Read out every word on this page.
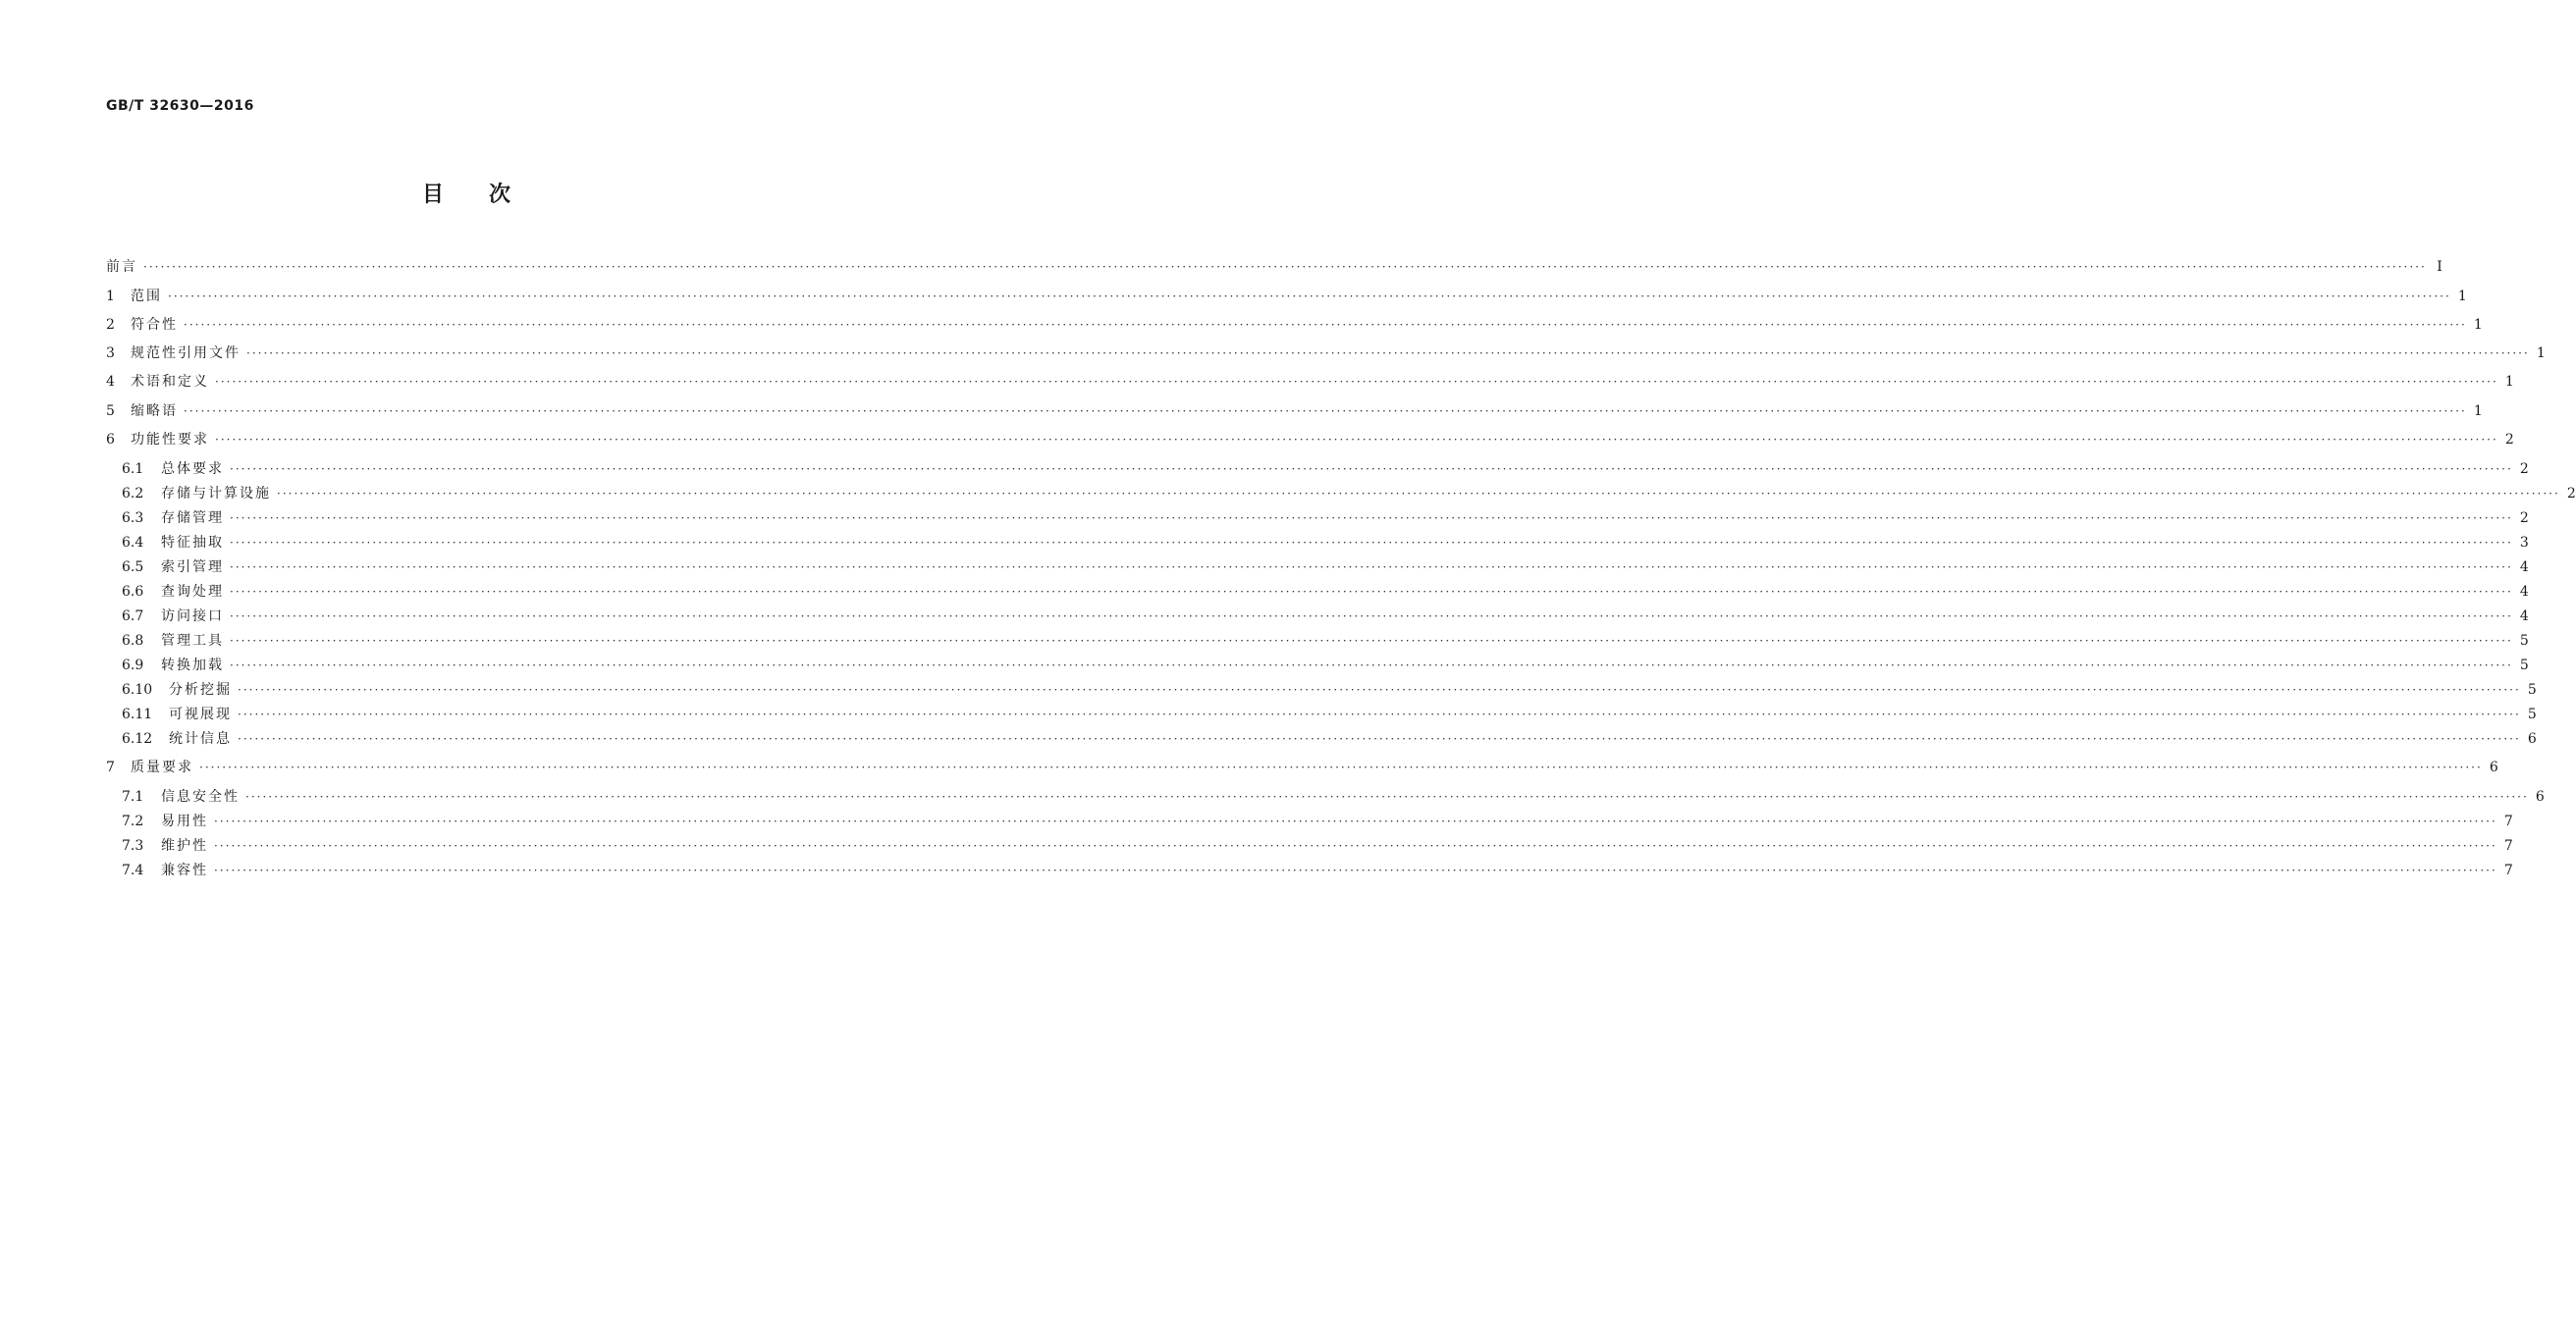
GB/T 32630—2016
目次
前言 ················································································································································································································································································································································································································ Ⅰ
1	范围 ················································································································································································································································································································································································································ 1
2	符合性 ················································································································································································································································································································································································································ 1
3	规范性引用文件 ················································································································································································································································································································································································································ 1
4	术语和定义 ················································································································································································································································································································································································································ 1
5	缩略语 ················································································································································································································································································································································································································ 1
6	功能性要求 ················································································································································································································································································································································································································ 2
6.1	总体要求 ················································································································································································································································································································································································································ 2
6.2	存储与计算设施 ················································································································································································································································································································································································································ 2
6.3	存储管理 ················································································································································································································································································································································································································ 2
6.4	特征抽取 ················································································································································································································································································································································································································ 3
6.5	索引管理 ················································································································································································································································································································································································································ 4
6.6	查询处理 ················································································································································································································································································································································································································ 4
6.7	访问接口 ················································································································································································································································································································································································································ 4
6.8	管理工具 ················································································································································································································································································································································································································ 5
6.9	转换加载 ················································································································································································································································································································································································································ 5
6.10	分析挖掘 ················································································································································································································································································································································································································ 5
6.11	可视展现 ················································································································································································································································································································································································································ 5
6.12	统计信息 ················································································································································································································································································································································································································ 6
7	质量要求 ················································································································································································································································································································································································································ 6
7.1	信息安全性 ················································································································································································································································································································································································································ 6
7.2	易用性 ················································································································································································································································································································································································································ 7
7.3	维护性 ················································································································································································································································································································································································································ 7
7.4	兼容性 ················································································································································································································································································································································································································ 7
